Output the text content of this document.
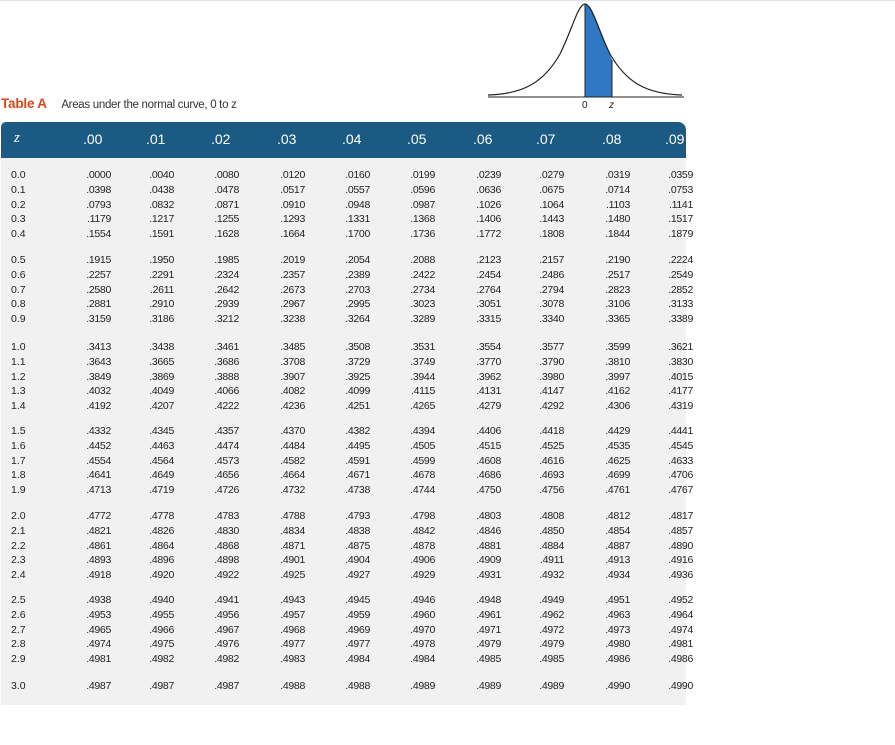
0 z
Table A Areas under the normal curve, 0 to z
z	.00	.01	.02	.03	.04	.05	.06	.07	.08	.09
0.0	.0000	.0040	.0080	.0120	.0160	.0199	.0239	.0279	.0319	.0359
0.1	.0398	.0438	.0478	.0517	.0557	.0596	.0636	.0675	.0714	.0753
0.2	.0793	.0832	.0871	.0910	.0948	.0987	.1026	.1064	.1103	.1141
0.3	.1179	.1217	.1255	.1293	.1331	.1368	.1406	.1443	.1480	.1517
0.4	.1554	.1591	.1628	.1664	.1700	.1736	.1772	.1808	.1844	.1879
0.5	.1915	.1950	.1985	.2019	.2054	.2088	.2123	.2157	.2190	.2224
0.6	.2257	.2291	.2324	.2357	.2389	.2422	.2454	.2486	.2517	.2549
0.7	.2580	.2611	.2642	.2673	.2703	.2734	.2764	.2794	.2823	.2852
0.8	.2881	.2910	.2939	.2967	.2995	.3023	.3051	.3078	.3106	.3133
0.9	.3159	.3186	.3212	.3238	.3264	.3289	.3315	.3340	.3365	.3389
1.0	.3413	.3438	.3461	.3485	.3508	.3531	.3554	.3577	.3599	.3621
1.1	.3643	.3665	.3686	.3708	.3729	.3749	.3770	.3790	.3810	.3830
1.2	.3849	.3869	.3888	.3907	.3925	.3944	.3962	.3980	.3997	.4015
1.3	.4032	.4049	.4066	.4082	.4099	.4115	.4131	.4147	.4162	.4177
1.4	.4192	.4207	.4222	.4236	.4251	.4265	.4279	.4292	.4306	.4319
1.5	.4332	.4345	.4357	.4370	.4382	.4394	.4406	.4418	.4429	.4441
1.6	.4452	.4463	.4474	.4484	.4495	.4505	.4515	.4525	.4535	.4545
1.7	.4554	.4564	.4573	.4582	.4591	.4599	.4608	.4616	.4625	.4633
1.8	.4641	.4649	.4656	.4664	.4671	.4678	.4686	.4693	.4699	.4706
1.9	.4713	.4719	.4726	.4732	.4738	.4744	.4750	.4756	.4761	.4767
2.0	.4772	.4778	.4783	.4788	.4793	.4798	.4803	.4808	.4812	.4817
2.1	.4821	.4826	.4830	.4834	.4838	.4842	.4846	.4850	.4854	.4857
2.2	.4861	.4864	.4868	.4871	.4875	.4878	.4881	.4884	.4887	.4890
2.3	.4893	.4896	.4898	.4901	.4904	.4906	.4909	.4911	.4913	.4916
2.4	.4918	.4920	.4922	.4925	.4927	.4929	.4931	.4932	.4934	.4936
2.5	.4938	.4940	.4941	.4943	.4945	.4946	.4948	.4949	.4951	.4952
2.6	.4953	.4955	.4956	.4957	.4959	.4960	.4961	.4962	.4963	.4964
2.7	.4965	.4966	.4967	.4968	.4969	.4970	.4971	.4972	.4973	.4974
2.8	.4974	.4975	.4976	.4977	.4977	.4978	.4979	.4979	.4980	.4981
2.9	.4981	.4982	.4982	.4983	.4984	.4984	.4985	.4985	.4986	.4986
3.0	.4987	.4987	.4987	.4988	.4988	.4989	.4989	.4989	.4990	.4990
